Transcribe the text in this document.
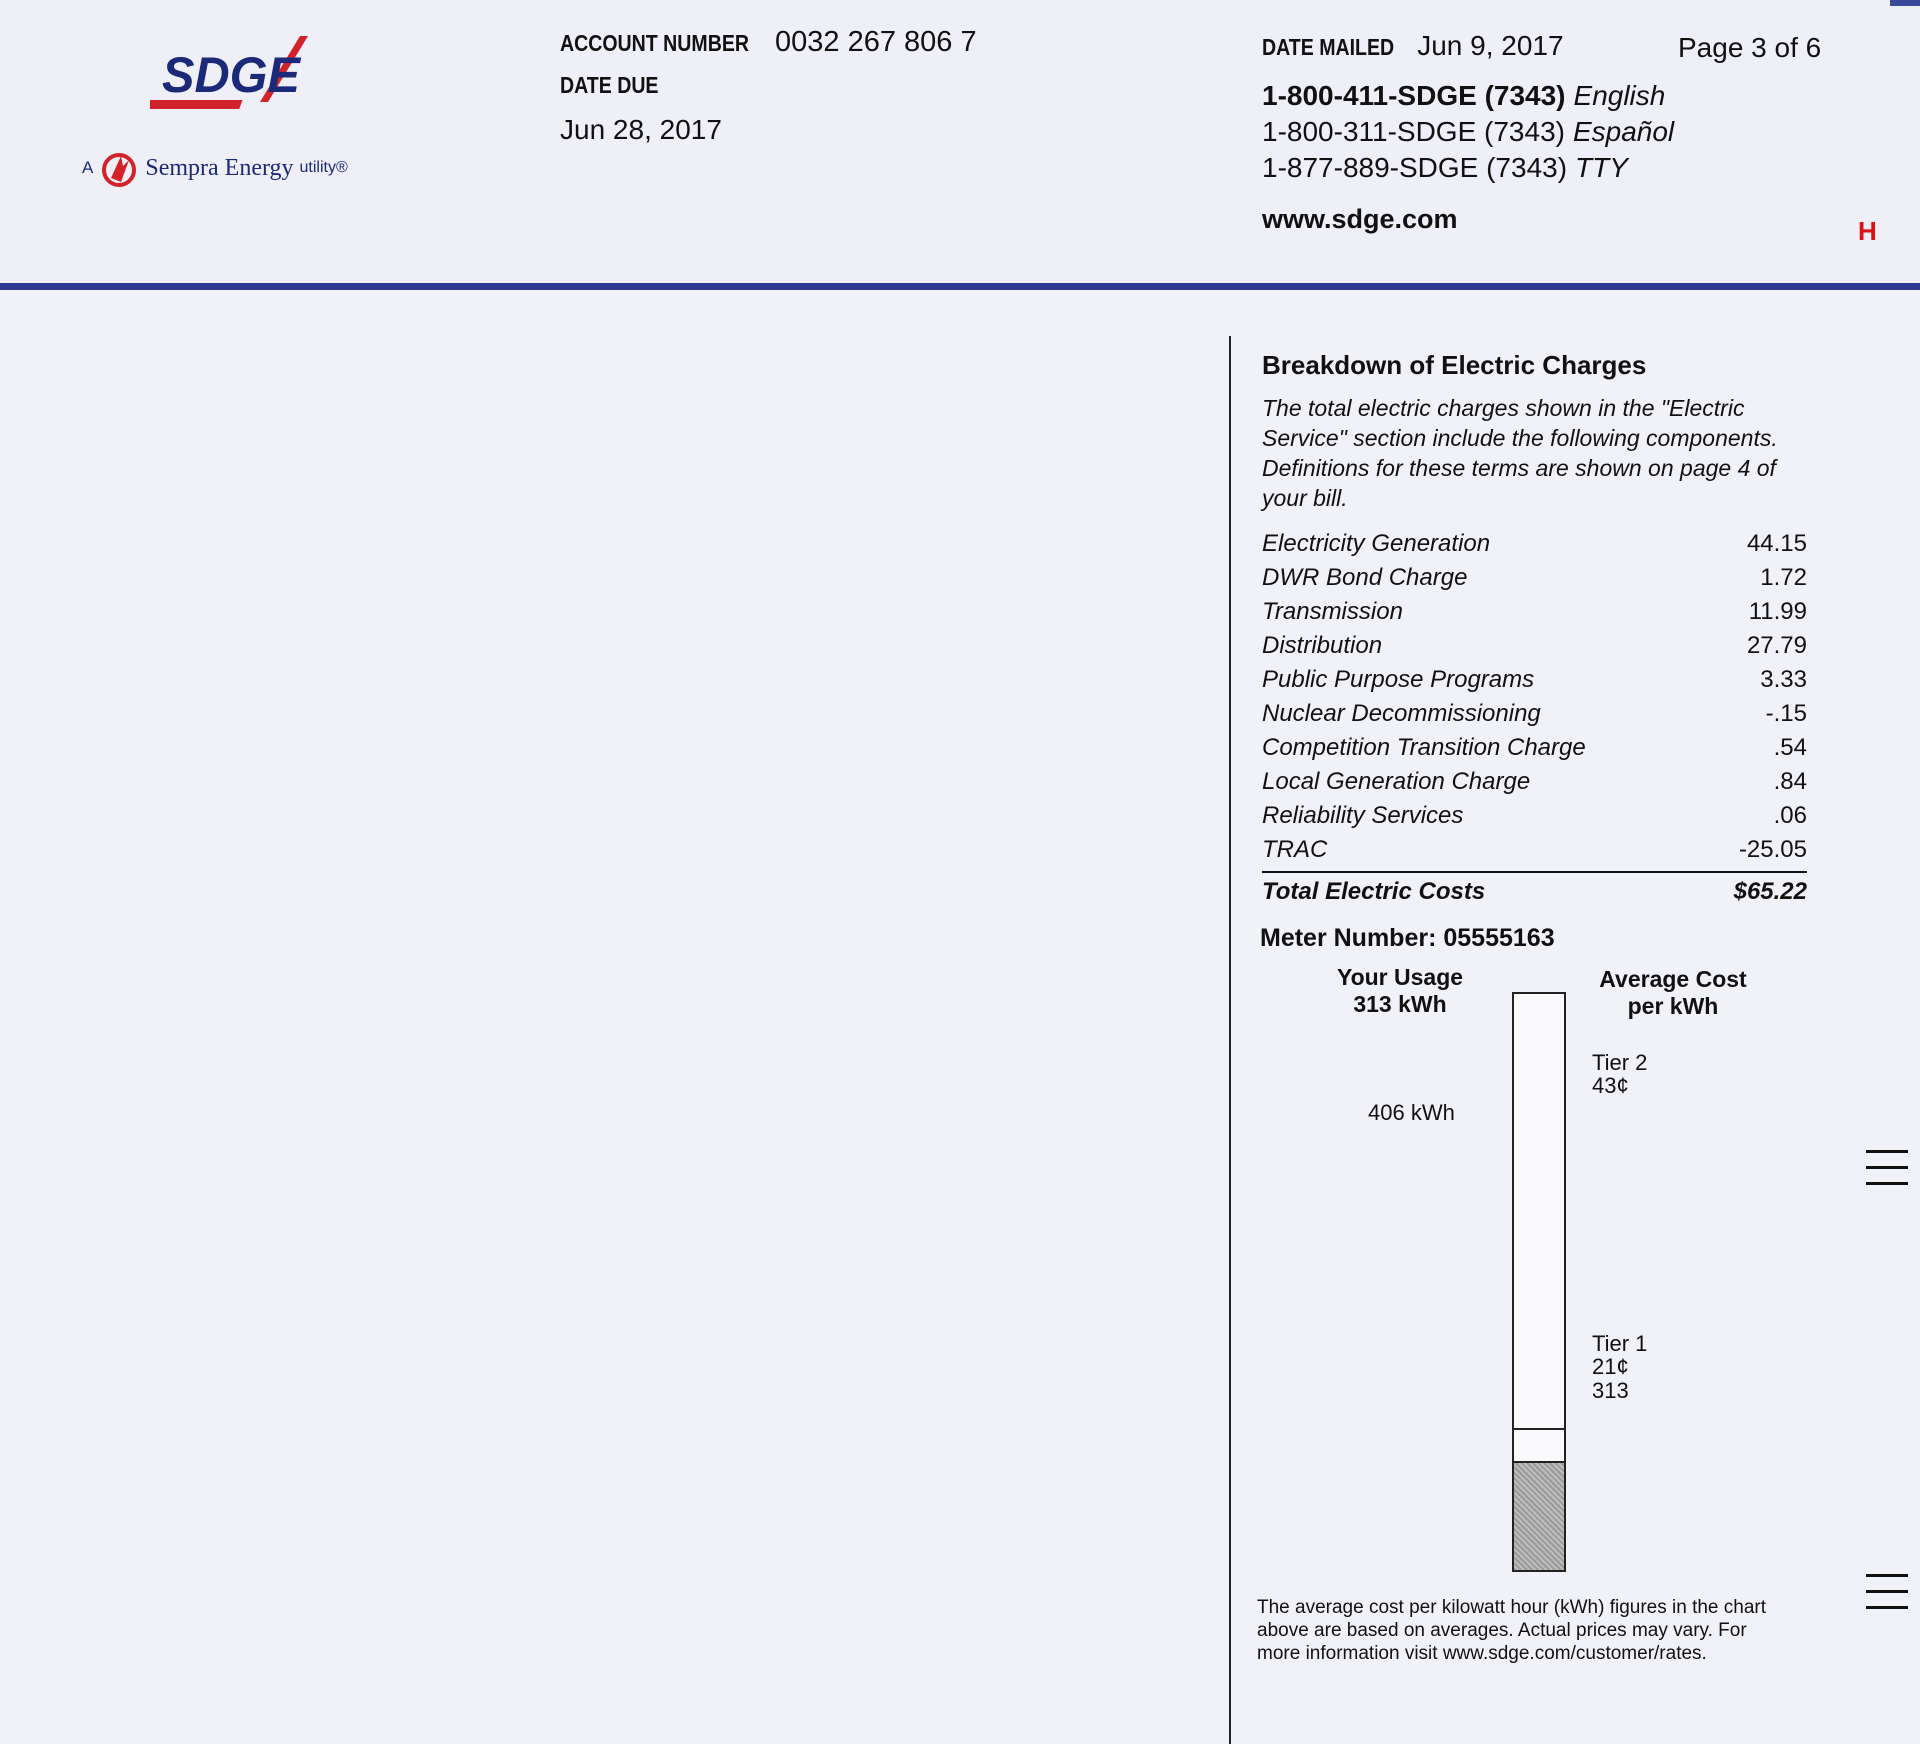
SDGE
A Sempra Energy utility®
ACCOUNT NUMBER 0032 267 806 7
DATE DUE
Jun 28, 2017
DATE MAILED Jun 9, 2017	Page 3 of 6
1-800-411-SDGE (7343) English
1-800-311-SDGE (7343) Español
1-877-889-SDGE (7343) TTY
www.sdge.com	H
Breakdown of Electric Charges
The total electric charges shown in the "Electric Service" section include the following components. Definitions for these terms are shown on page 4 of your bill.
Electricity Generation	44.15
DWR Bond Charge	1.72
Transmission	11.99
Distribution	27.79
Public Purpose Programs	3.33
Nuclear Decommissioning	-.15
Competition Transition Charge	.54
Local Generation Charge	.84
Reliability Services	.06
TRAC	-25.05
Total Electric Costs	$65.22
Meter Number: 05555163
Your Usage
313 kWh
Average Cost
per kWh
406 kWh
Tier 2
43¢
Tier 1
21¢
313
The average cost per kilowatt hour (kWh) figures in the chart above are based on averages. Actual prices may vary. For more information visit www.sdge.com/customer/rates.
